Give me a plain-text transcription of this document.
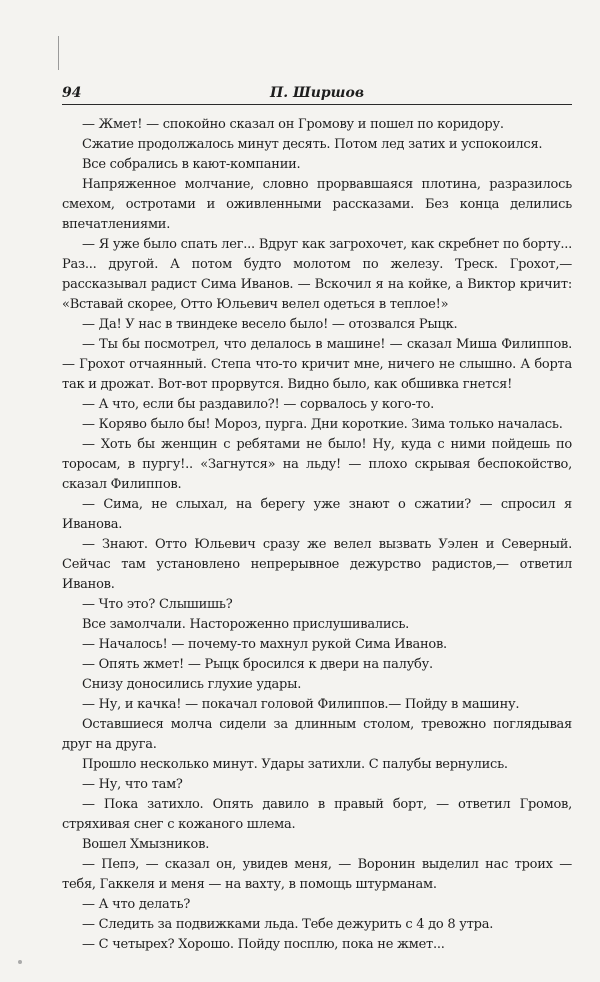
94	П. Ширшов

— Жмет! — спокойно сказал он Громову и пошел по коридору.

Сжатие продолжалось минут десять. Потом лед затих и успокоился.

Все собрались в кают-компании.

Напряженное молчание, словно прорвавшаяся плотина, разразилось смехом, остротами и оживленными рассказами. Без конца делились впечатлениями.

— Я уже было спать лег... Вдруг как загрохочет, как скребнет по борту... Раз... другой. А потом будто молотом по железу. Треск. Грохот,— рассказывал радист Сима Иванов. — Вскочил я на койке, а Виктор кричит: «Вставай скорее, Отто Юльевич велел одеться в теплое!»

— Да! У нас в твиндеке весело было! — отозвался Рыцк.

— Ты бы посмотрел, что делалось в машине! — сказал Миша Филиппов. — Грохот отчаянный. Степа что-то кричит мне, ничего не слышно. А борта так и дрожат. Вот-вот прорвутся. Видно было, как обшивка гнется!

— А что, если бы раздавило?! — сорвалось у кого-то.

— Коряво было бы! Мороз, пурга. Дни короткие. Зима только началась.

— Хоть бы женщин с ребятами не было! Ну, куда с ними пойдешь по торосам, в пургу!.. «Загнутся» на льду! — плохо скрывая беспокойство, сказал Филиппов.

— Сима, не слыхал, на берегу уже знают о сжатии? — спросил я Иванова.

— Знают. Отто Юльевич сразу же велел вызвать Уэлен и Северный. Сейчас там установлено непрерывное дежурство радистов,— ответил Иванов.

— Что это? Слышишь?

Все замолчали. Настороженно прислушивались.

— Началось! — почему-то махнул рукой Сима Иванов.

— Опять жмет! — Рыцк бросился к двери на палубу.

Снизу доносились глухие удары.

— Ну, и качка! — покачал головой Филиппов.— Пойду в машину.

Оставшиеся молча сидели за длинным столом, тревожно поглядывая друг на друга.

Прошло несколько минут. Удары затихли. С палубы вернулись.

— Ну, что там?

— Пока затихло. Опять давило в правый борт, — ответил Громов, стряхивая снег с кожаного шлема.

Вошел Хмызников.

— Пепэ, — сказал он, увидев меня, — Воронин выделил нас троих — тебя, Гаккеля и меня — на вахту, в помощь штурманам.

— А что делать?

— Следить за подвижками льда. Тебе дежурить с 4 до 8 утра.

— С четырех? Хорошо. Пойду посплю, пока не жмет...
